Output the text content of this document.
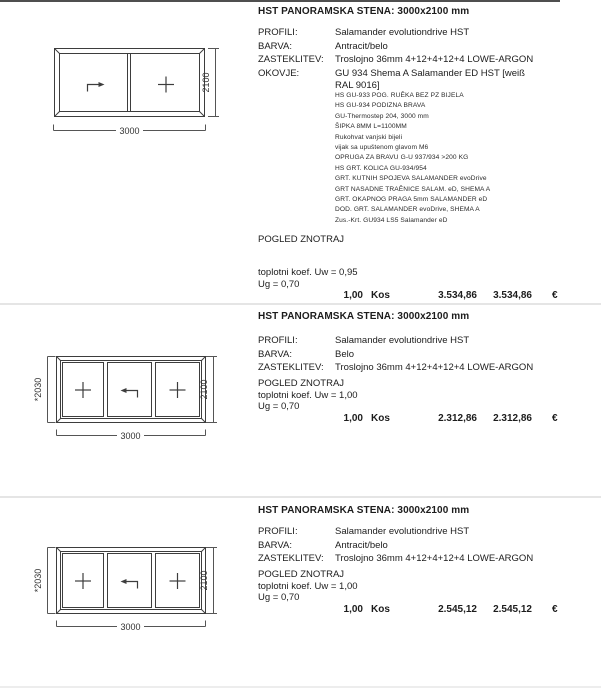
2100
3000
HST PANORAMSKA STENA: 3000x2100 mm
PROFILI:	Salamander evolutiondrive HST
BARVA:	Antracit/belo
ZASTEKLITEV:	Troslojno 36mm 4+12+4+12+4 LOWE-ARGON
OKOVJE:	GU 934 Shema A Salamander ED HST [weiß RAL 9016]
HS GU-933 POG. RUĒKA BEZ PZ BIJELA
HS GU-934 PODIZNA BRAVA
GU-Thermostep 204, 3000 mm
ŠIPKA 8MM L=1100MM
Rukohvat vanjski bijeli
vijak sa upuštenom glavom M6
OPRUGA ZA BRAVU G-U 937/934 >200 KG
HS GRT. KOLICA GU-934/954
GRT. KUTNIH SPOJEVA SALAMANDER evoDrive
GRT NASADNE TRAĒNICE SALAM. eD, SHEMA A
GRT. OKAPNOG PRAGA 5mm SALAMANDER eD
DOD. GRT. SALAMANDER evoDrive, SHEMA A
Zus.-Krt. GU934 LS5 Salamander eD
POGLED ZNOTRAJ
toplotni koef. Uw = 0,95
Ug = 0,70
1,00 Kos	3.534,86	3.534,86 €
*2030	2100
3000
HST PANORAMSKA STENA: 3000x2100 mm
PROFILI:	Salamander evolutiondrive HST
BARVA:	Belo
ZASTEKLITEV:	Troslojno 36mm 4+12+4+12+4 LOWE-ARGON
POGLED ZNOTRAJ
toplotni koef. Uw = 1,00
Ug = 0,70
1,00 Kos	2.312,86	2.312,86 €
*2030	2100
3000
HST PANORAMSKA STENA: 3000x2100 mm
PROFILI:	Salamander evolutiondrive HST
BARVA:	Antracit/belo
ZASTEKLITEV:	Troslojno 36mm 4+12+4+12+4 LOWE-ARGON
POGLED ZNOTRAJ
toplotni koef. Uw = 1,00
Ug = 0,70
1,00 Kos	2.545,12	2.545,12 €
